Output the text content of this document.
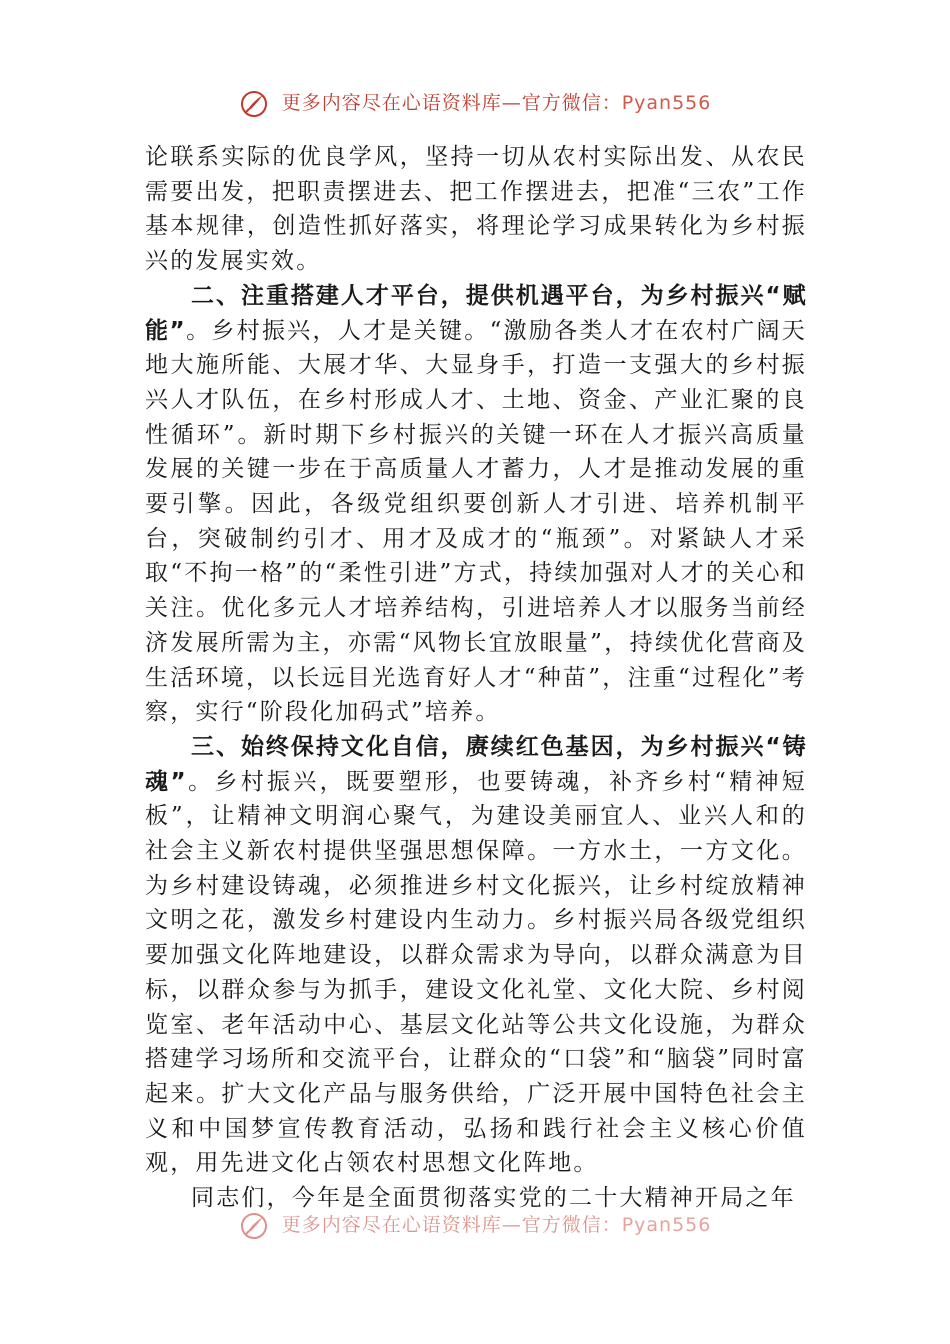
更多内容尽在心语资料库—官方微信：Pyan556

论联系实际的优良学风，坚持一切从农村实际出发、从农民需要出发，把职责摆进去、把工作摆进去，把准“三农”工作基本规律，创造性抓好落实，将理论学习成果转化为乡村振兴的发展实效。

二、注重搭建人才平台，提供机遇平台，为乡村振兴“赋能”。乡村振兴，人才是关键。“激励各类人才在农村广阔天地大施所能、大展才华、大显身手，打造一支强大的乡村振兴人才队伍，在乡村形成人才、土地、资金、产业汇聚的良性循环”。新时期下乡村振兴的关键一环在人才振兴高质量发展的关键一步在于高质量人才蓄力，人才是推动发展的重要引擎。因此，各级党组织要创新人才引进、培养机制平台，突破制约引才、用才及成才的“瓶颈”。对紧缺人才采取“不拘一格”的“柔性引进”方式，持续加强对人才的关心和关注。优化多元人才培养结构，引进培养人才以服务当前经济发展所需为主，亦需“风物长宜放眼量”，持续优化营商及生活环境，以长远目光选育好人才“种苗”，注重“过程化”考察，实行“阶段化加码式”培养。

三、始终保持文化自信，赓续红色基因，为乡村振兴“铸魂”。乡村振兴，既要塑形，也要铸魂，补齐乡村“精神短板”，让精神文明润心聚气，为建设美丽宜人、业兴人和的社会主义新农村提供坚强思想保障。一方水土，一方文化。为乡村建设铸魂，必须推进乡村文化振兴，让乡村绽放精神文明之花，激发乡村建设内生动力。乡村振兴局各级党组织要加强文化阵地建设，以群众需求为导向，以群众满意为目标，以群众参与为抓手，建设文化礼堂、文化大院、乡村阅览室、老年活动中心、基层文化站等公共文化设施，为群众搭建学习场所和交流平台，让群众的“口袋”和“脑袋”同时富起来。扩大文化产品与服务供给，广泛开展中国特色社会主义和中国梦宣传教育活动，弘扬和践行社会主义核心价值观，用先进文化占领农村思想文化阵地。

同志们，今年是全面贯彻落实党的二十大精神开局之年

更多内容尽在心语资料库—官方微信：Pyan556
